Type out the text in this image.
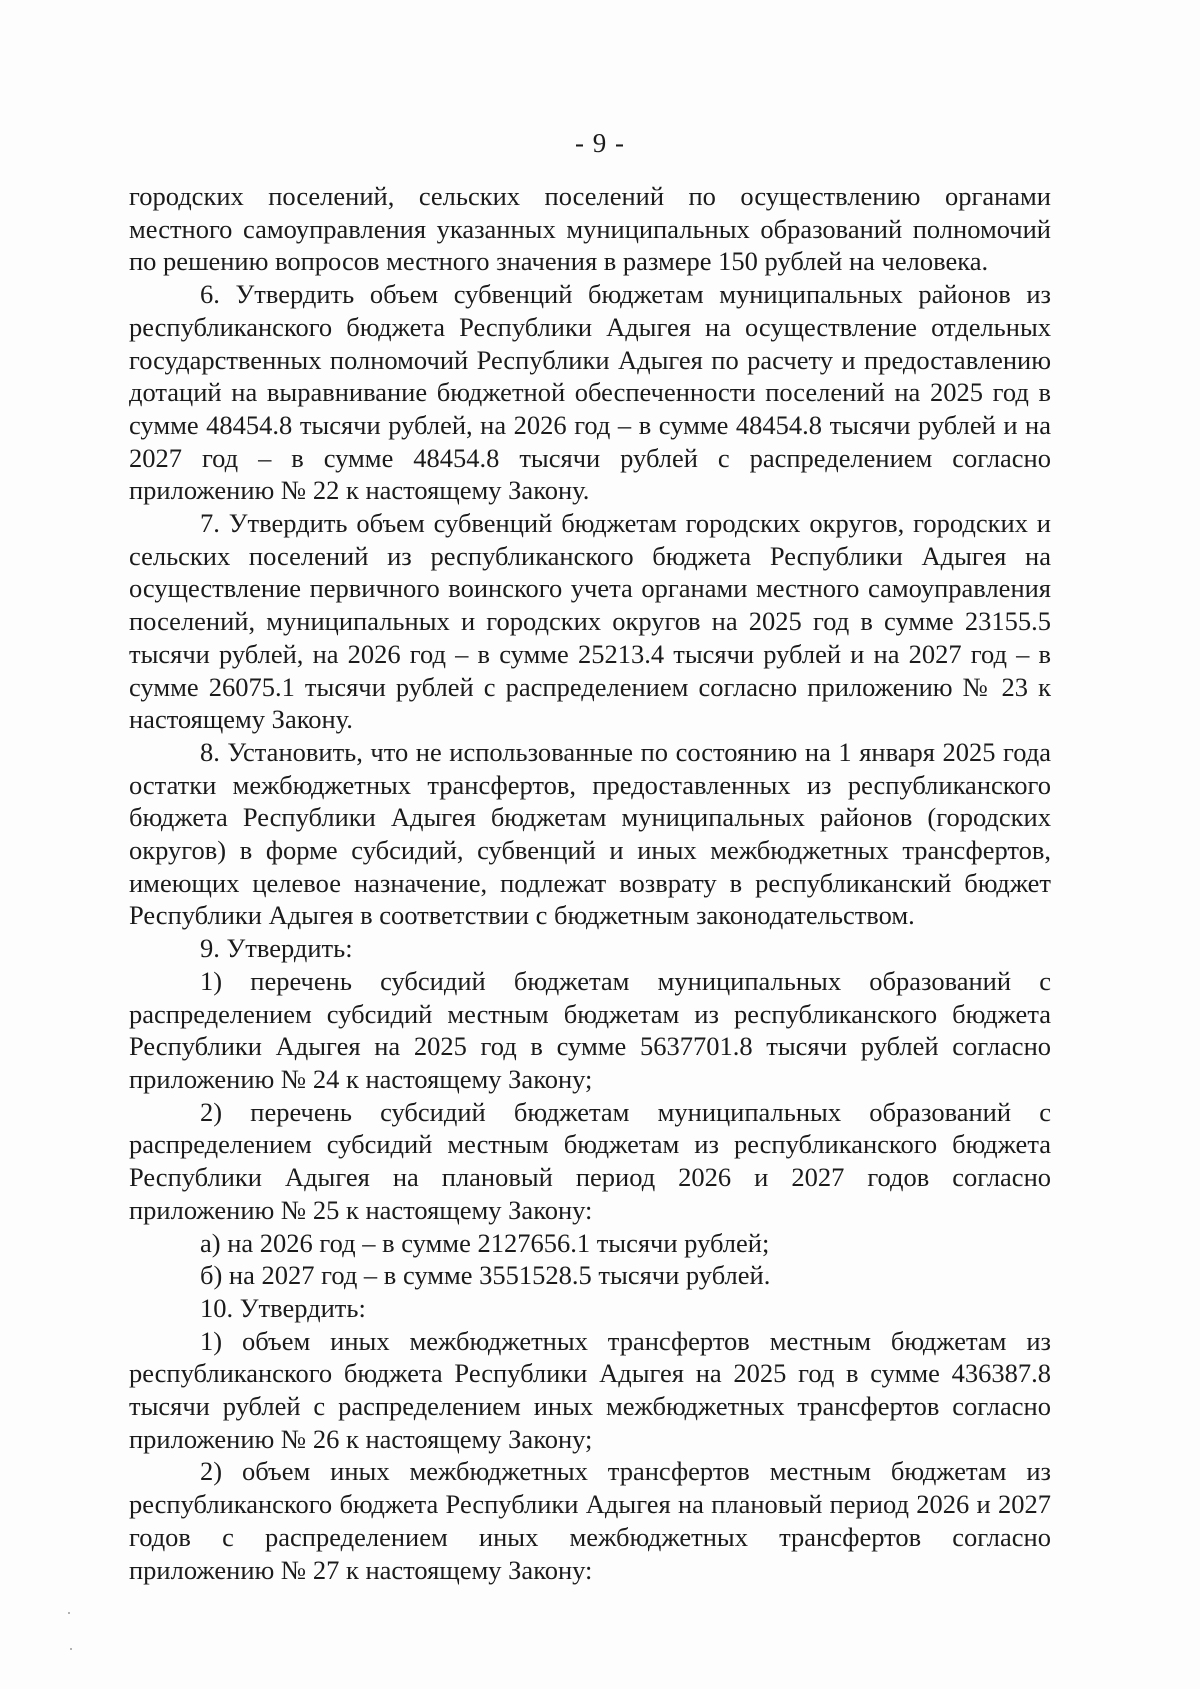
- 9 -

городских поселений, сельских поселений по осуществлению органами местного самоуправления указанных муниципальных образований полномочий по решению вопросов местного значения в размере 150 рублей на человека.

6. Утвердить объем субвенций бюджетам муниципальных районов из республиканского бюджета Республики Адыгея на осуществление отдельных государственных полномочий Республики Адыгея по расчету и предоставлению дотаций на выравнивание бюджетной обеспеченности поселений на 2025 год в сумме 48454.8 тысячи рублей, на 2026 год – в сумме 48454.8 тысячи рублей и на 2027 год – в сумме 48454.8 тысячи рублей с распределением согласно приложению № 22 к настоящему Закону.

7. Утвердить объем субвенций бюджетам городских округов, городских и сельских поселений из республиканского бюджета Республики Адыгея на осуществление первичного воинского учета органами местного самоуправления поселений, муниципальных и городских округов на 2025 год в сумме 23155.5 тысячи рублей, на 2026 год – в сумме 25213.4 тысячи рублей и на 2027 год – в сумме 26075.1 тысячи рублей с распределением согласно приложению № 23 к настоящему Закону.

8. Установить, что не использованные по состоянию на 1 января 2025 года остатки межбюджетных трансфертов, предоставленных из республиканского бюджета Республики Адыгея бюджетам муниципальных районов (городских округов) в форме субсидий, субвенций и иных межбюджетных трансфертов, имеющих целевое назначение, подлежат возврату в республиканский бюджет Республики Адыгея в соответствии с бюджетным законодательством.

9. Утвердить:

1) перечень субсидий бюджетам муниципальных образований с распределением субсидий местным бюджетам из республиканского бюджета Республики Адыгея на 2025 год в сумме 5637701.8 тысячи рублей согласно приложению № 24 к настоящему Закону;

2) перечень субсидий бюджетам муниципальных образований с распределением субсидий местным бюджетам из республиканского бюджета Республики Адыгея на плановый период 2026 и 2027 годов согласно приложению № 25 к настоящему Закону:

а) на 2026 год – в сумме 2127656.1 тысячи рублей;

б) на 2027 год – в сумме 3551528.5 тысячи рублей.

10. Утвердить:

1) объем иных межбюджетных трансфертов местным бюджетам из республиканского бюджета Республики Адыгея на 2025 год в сумме 436387.8 тысячи рублей с распределением иных межбюджетных трансфертов согласно приложению № 26 к настоящему Закону;

2) объем иных межбюджетных трансфертов местным бюджетам из республиканского бюджета Республики Адыгея на плановый период 2026 и 2027 годов с распределением иных межбюджетных трансфертов согласно приложению № 27 к настоящему Закону:
